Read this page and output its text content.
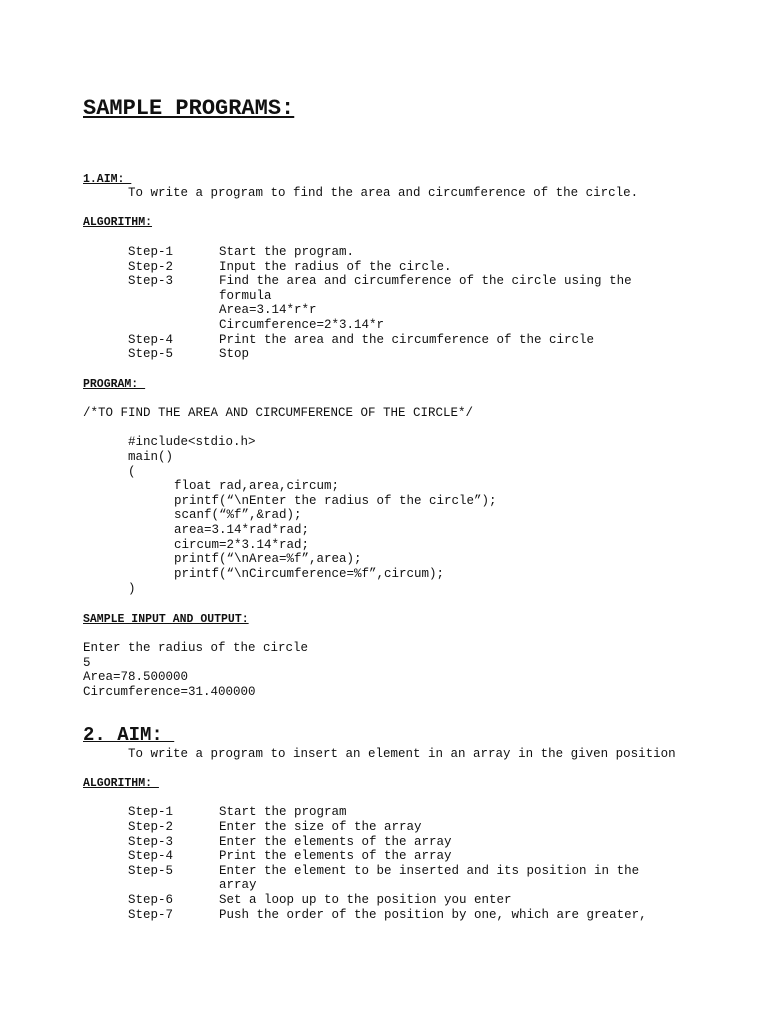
SAMPLE PROGRAMS:
1.AIM:
To write a program to find the area and circumference of the circle.
ALGORITHM:
Step-1	Start the program.
Step-2	Input the radius of the circle.
Step-3	Find the area and circumference of the circle using the
formula
Area=3.14*r*r
Circumference=2*3.14*r
Step-4	Print the area and the circumference of the circle
Step-5	Stop
PROGRAM:
/*TO FIND THE AREA AND CIRCUMFERENCE OF THE CIRCLE*/
#include<stdio.h>
main()
(
float rad,area,circum;
printf(“\nEnter the radius of the circle”);
scanf(“%f”,&rad);
area=3.14*rad*rad;
circum=2*3.14*rad;
printf(“\nArea=%f”,area);
printf(“\nCircumference=%f”,circum);
)
SAMPLE INPUT AND OUTPUT:
Enter the radius of the circle
5
Area=78.500000
Circumference=31.400000
2. AIM:
To write a program to insert an element in an array in the given position
ALGORITHM:
Step-1	Start the program
Step-2	Enter the size of the array
Step-3	Enter the elements of the array
Step-4	Print the elements of the array
Step-5	Enter the element to be inserted and its position in the
array
Step-6	Set a loop up to the position you enter
Step-7	Push the order of the position by one, which are greater,
